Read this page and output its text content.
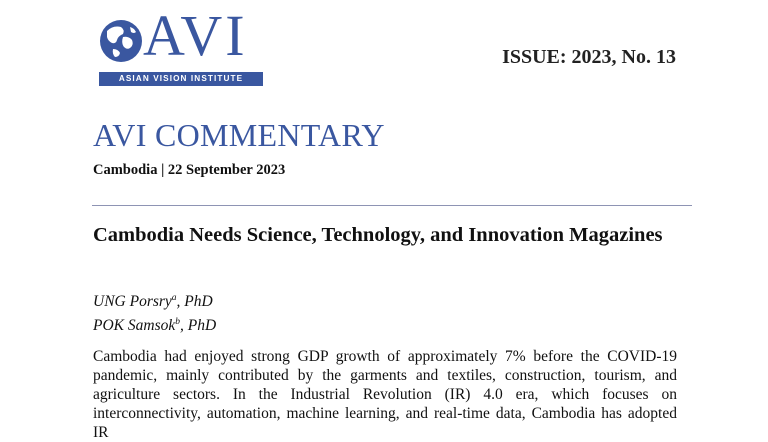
AVI
ASIAN VISION INSTITUTE
ISSUE: 2023, No. 13
AVI COMMENTARY
Cambodia | 22 September 2023
Cambodia Needs Science, Technology, and Innovation Magazines
UNG Porsry$^a$, PhD
POK Samsok$^b$, PhD
Cambodia had enjoyed strong GDP growth of approximately 7% before the COVID-19 pandemic, mainly contributed by the garments and textiles, construction, tourism, and agriculture sectors. In the Industrial Revolution (IR) 4.0 era, which focuses on interconnectivity, automation, machine learning, and real-time data, Cambodia has adopted IR
